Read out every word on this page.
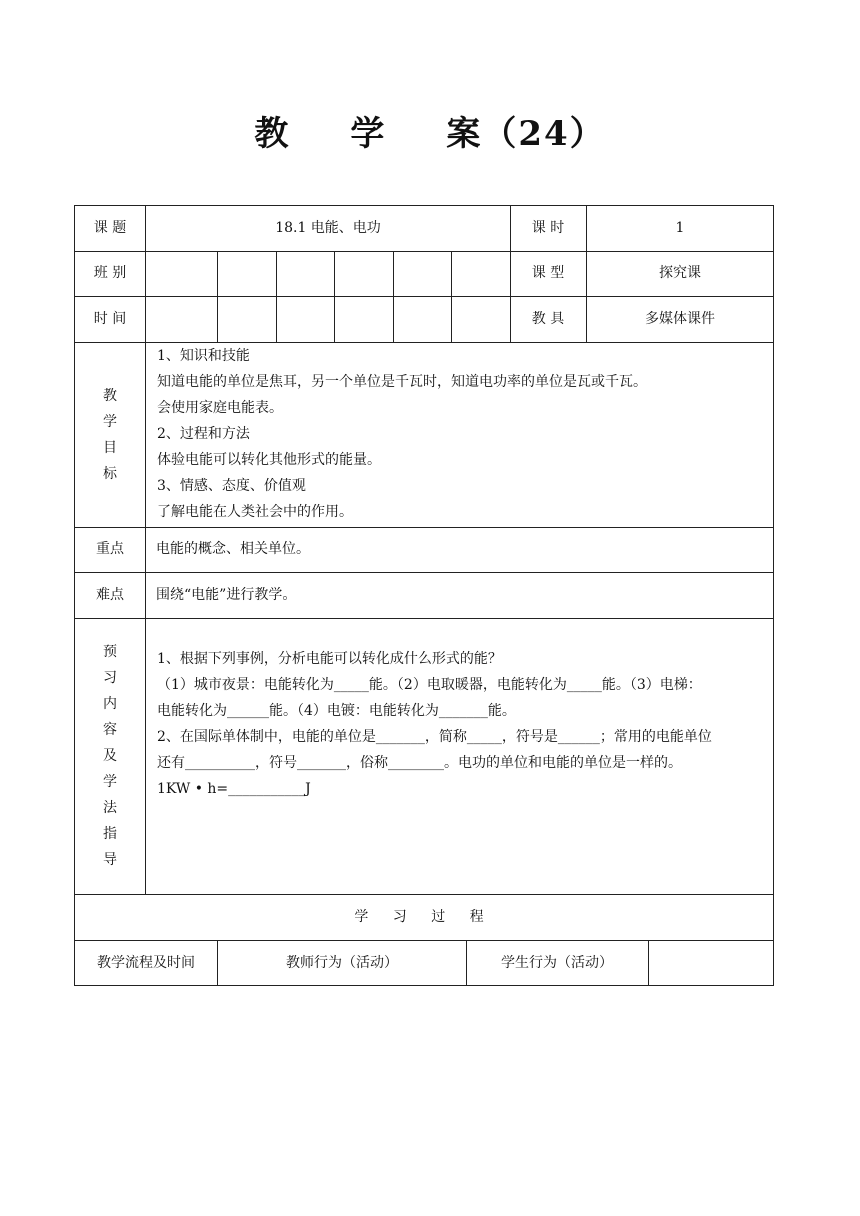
教 学 案（24）
课 题	18.1 电能、电功	课 时	1
班 别	课 型	探究课
时 间	教 具	多媒体课件
教
学
目
标
1、知识和技能
知道电能的单位是焦耳，另一个单位是千瓦时，知道电功率的单位是瓦或千瓦。
会使用家庭电能表。
2、过程和方法
体验电能可以转化其他形式的能量。
3、情感、态度、价值观
了解电能在人类社会中的作用。
重点	电能的概念、相关单位。
难点	围绕“电能”进行教学。
预
习
内
容
及
学
法
指
导
1、根据下列事例，分析电能可以转化成什么形式的能？
（1）城市夜景：电能转化为_____能。（2）电取暖器，电能转化为_____能。（3）电梯：
电能转化为______能。（4）电镀：电能转化为_______能。
2、在国际单体制中，电能的单位是_______，简称_____，符号是______；常用的电能单位
还有__________，符号_______，俗称________。电功的单位和电能的单位是一样的。
1KW • h=___________J
学 习 过 程
教学流程及时间	教师行为（活动）	学生行为（活动）
